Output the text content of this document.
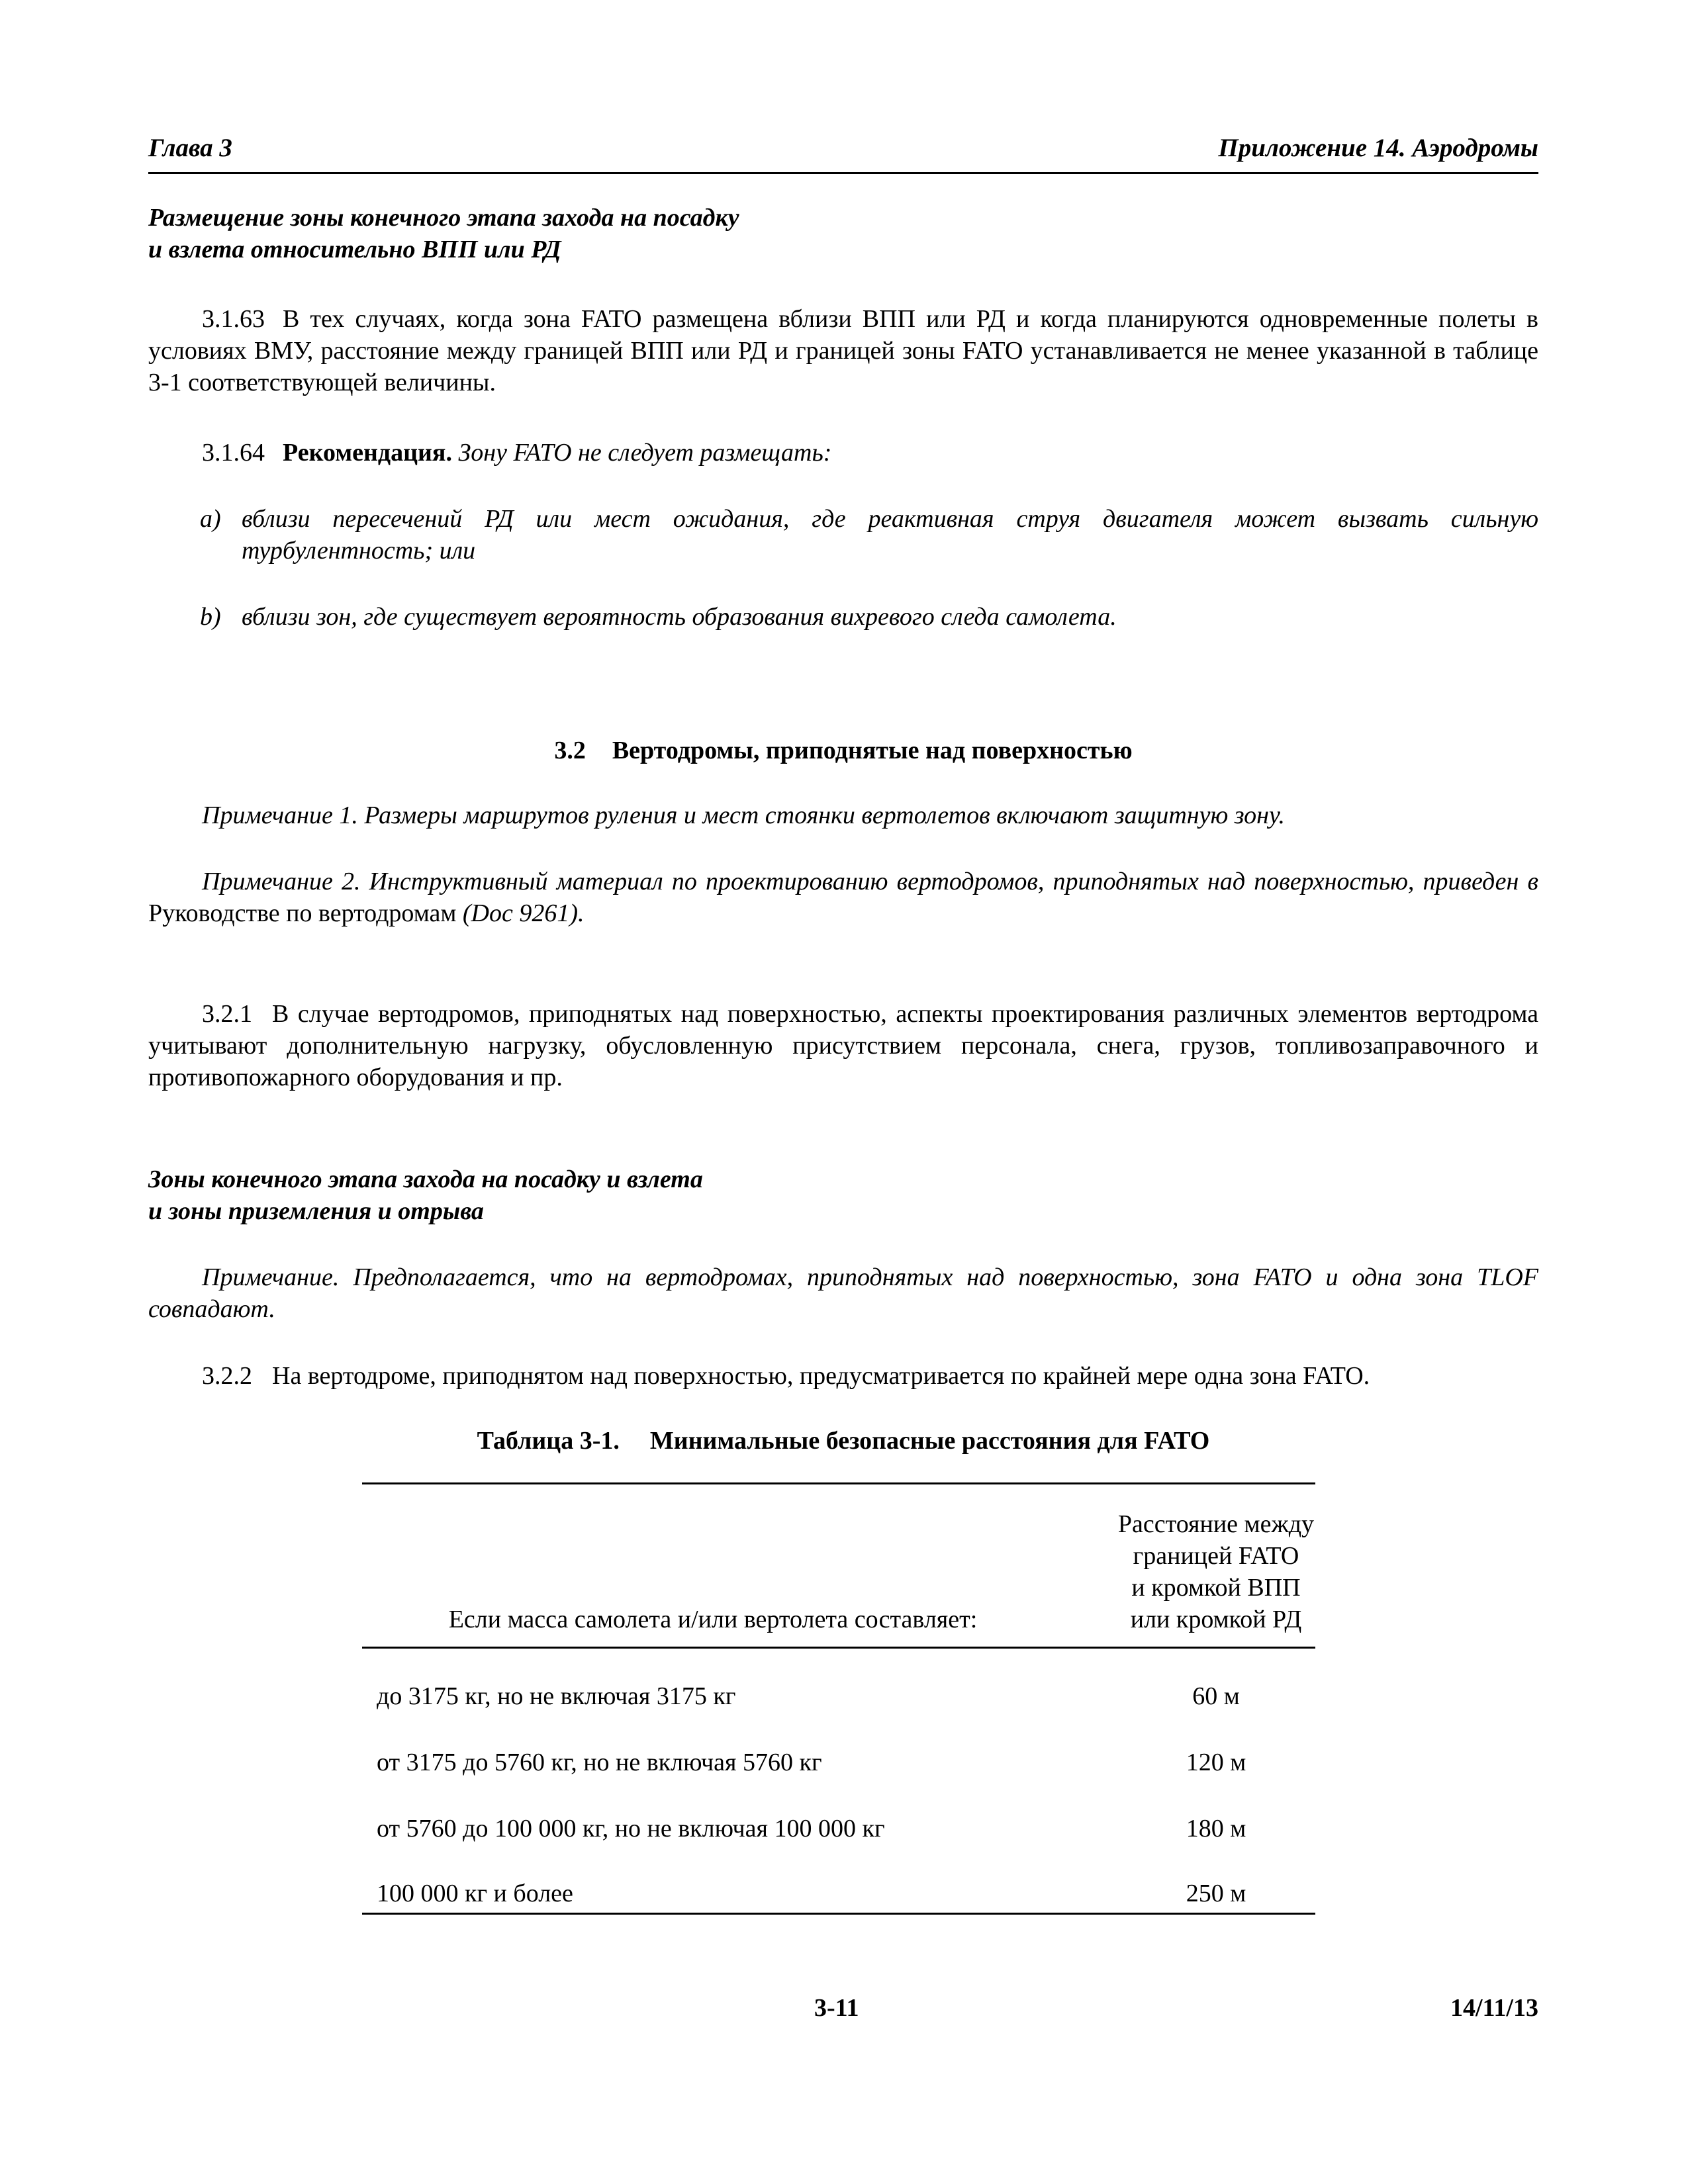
Глава 3	Приложение 14. Аэродромы
Размещение зоны конечного этапа захода на посадку
и взлета относительно ВПП или РД
3.1.63 В тех случаях, когда зона FATO размещена вблизи ВПП или РД и когда планируются одновременные полеты в условиях ВМУ, расстояние между границей ВПП или РД и границей зоны FATO устанавливается не менее указанной в таблице 3-1 соответствующей величины.
3.1.64 Рекомендация. Зону FATO не следует размещать:
a) вблизи пересечений РД или мест ожидания, где реактивная струя двигателя может вызвать сильную турбулентность; или
b) вблизи зон, где существует вероятность образования вихревого следа самолета.
3.2 Вертодромы, приподнятые над поверхностью
Примечание 1. Размеры маршрутов руления и мест стоянки вертолетов включают защитную зону.
Примечание 2. Инструктивный материал по проектированию вертодромов, приподнятых над поверхностью, приведен в Руководстве по вертодромам (Doc 9261).
3.2.1 В случае вертодромов, приподнятых над поверхностью, аспекты проектирования различных элементов вертодрома учитывают дополнительную нагрузку, обусловленную присутствием персонала, снега, грузов, топливозаправочного и противопожарного оборудования и пр.
Зоны конечного этапа захода на посадку и взлета
и зоны приземления и отрыва
Примечание. Предполагается, что на вертодромах, приподнятых над поверхностью, зона FATO и одна зона TLOF совпадают.
3.2.2 На вертодроме, приподнятом над поверхностью, предусматривается по крайней мере одна зона FATO.
Таблица 3-1. Минимальные безопасные расстояния для FATO
Если масса самолета и/или вертолета составляет:
Расстояние между
границей FATO
и кромкой ВПП
или кромкой РД
до 3175 кг, но не включая 3175 кг	60 м
от 3175 до 5760 кг, но не включая 5760 кг	120 м
от 5760 до 100 000 кг, но не включая 100 000 кг	180 м
100 000 кг и более	250 м
3-11	14/11/13
